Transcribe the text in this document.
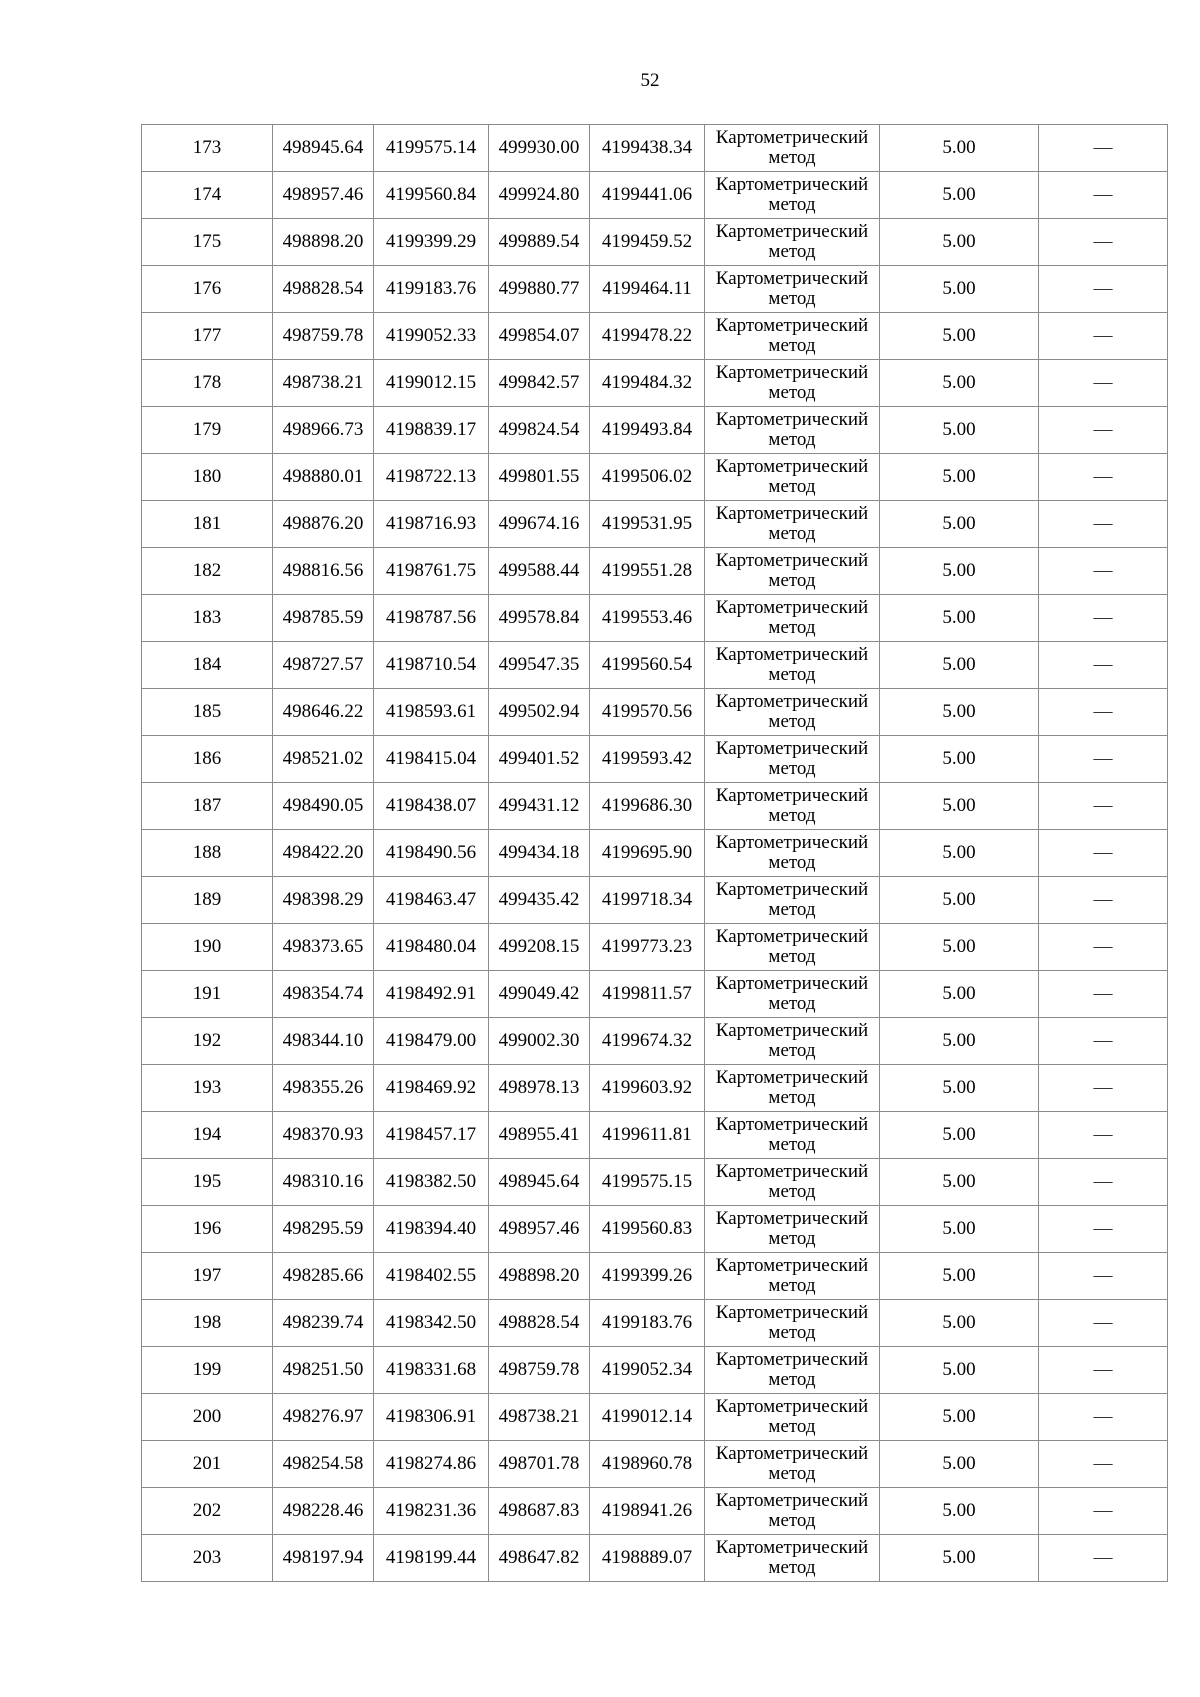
52
173	498945.64	4199575.14	499930.00	4199438.34	Картометрический метод	5.00	—
174	498957.46	4199560.84	499924.80	4199441.06	Картометрический метод	5.00	—
175	498898.20	4199399.29	499889.54	4199459.52	Картометрический метод	5.00	—
176	498828.54	4199183.76	499880.77	4199464.11	Картометрический метод	5.00	—
177	498759.78	4199052.33	499854.07	4199478.22	Картометрический метод	5.00	—
178	498738.21	4199012.15	499842.57	4199484.32	Картометрический метод	5.00	—
179	498966.73	4198839.17	499824.54	4199493.84	Картометрический метод	5.00	—
180	498880.01	4198722.13	499801.55	4199506.02	Картометрический метод	5.00	—
181	498876.20	4198716.93	499674.16	4199531.95	Картометрический метод	5.00	—
182	498816.56	4198761.75	499588.44	4199551.28	Картометрический метод	5.00	—
183	498785.59	4198787.56	499578.84	4199553.46	Картометрический метод	5.00	—
184	498727.57	4198710.54	499547.35	4199560.54	Картометрический метод	5.00	—
185	498646.22	4198593.61	499502.94	4199570.56	Картометрический метод	5.00	—
186	498521.02	4198415.04	499401.52	4199593.42	Картометрический метод	5.00	—
187	498490.05	4198438.07	499431.12	4199686.30	Картометрический метод	5.00	—
188	498422.20	4198490.56	499434.18	4199695.90	Картометрический метод	5.00	—
189	498398.29	4198463.47	499435.42	4199718.34	Картометрический метод	5.00	—
190	498373.65	4198480.04	499208.15	4199773.23	Картометрический метод	5.00	—
191	498354.74	4198492.91	499049.42	4199811.57	Картометрический метод	5.00	—
192	498344.10	4198479.00	499002.30	4199674.32	Картометрический метод	5.00	—
193	498355.26	4198469.92	498978.13	4199603.92	Картометрический метод	5.00	—
194	498370.93	4198457.17	498955.41	4199611.81	Картометрический метод	5.00	—
195	498310.16	4198382.50	498945.64	4199575.15	Картометрический метод	5.00	—
196	498295.59	4198394.40	498957.46	4199560.83	Картометрический метод	5.00	—
197	498285.66	4198402.55	498898.20	4199399.26	Картометрический метод	5.00	—
198	498239.74	4198342.50	498828.54	4199183.76	Картометрический метод	5.00	—
199	498251.50	4198331.68	498759.78	4199052.34	Картометрический метод	5.00	—
200	498276.97	4198306.91	498738.21	4199012.14	Картометрический метод	5.00	—
201	498254.58	4198274.86	498701.78	4198960.78	Картометрический метод	5.00	—
202	498228.46	4198231.36	498687.83	4198941.26	Картометрический метод	5.00	—
203	498197.94	4198199.44	498647.82	4198889.07	Картометрический метод	5.00	—
